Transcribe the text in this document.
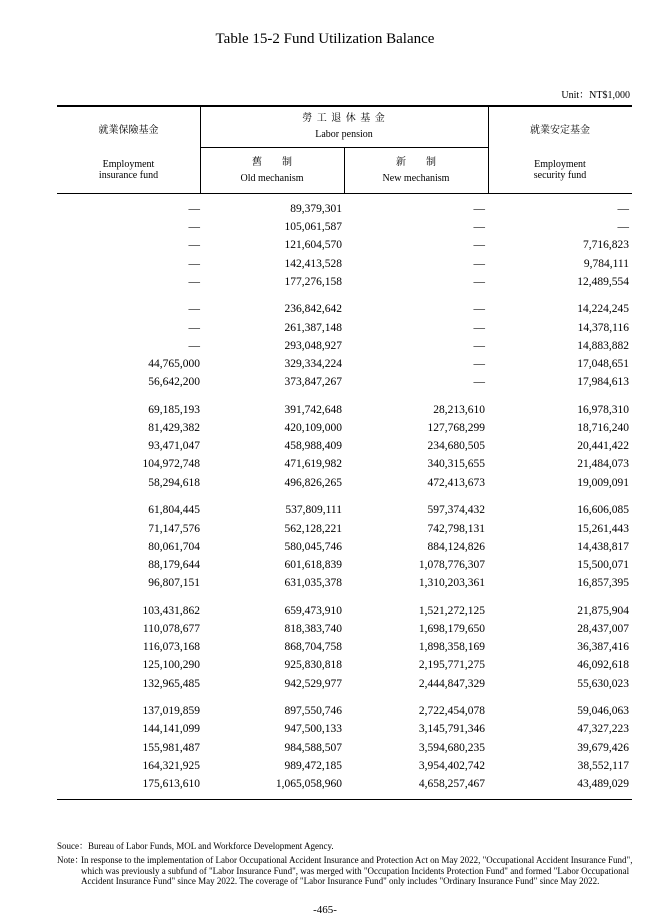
Table 15-2 Fund Utilization Balance
Unit：NT$1,000
就業保險基金
Employment
insurance fund
勞 工 退 休 基 金
Labor pension
舊　　制
Old mechanism
新　　制
New mechanism
就業安定基金
Employment
security fund
—	89,379,301	—	—
—	105,061,587	—	—
—	121,604,570	—	7,716,823
—	142,413,528	—	9,784,111
—	177,276,158	—	12,489,554
—	236,842,642	—	14,224,245
—	261,387,148	—	14,378,116
—	293,048,927	—	14,883,882
44,765,000	329,334,224	—	17,048,651
56,642,200	373,847,267	—	17,984,613
69,185,193	391,742,648	28,213,610	16,978,310
81,429,382	420,109,000	127,768,299	18,716,240
93,471,047	458,988,409	234,680,505	20,441,422
104,972,748	471,619,982	340,315,655	21,484,073
58,294,618	496,826,265	472,413,673	19,009,091
61,804,445	537,809,111	597,374,432	16,606,085
71,147,576	562,128,221	742,798,131	15,261,443
80,061,704	580,045,746	884,124,826	14,438,817
88,179,644	601,618,839	1,078,776,307	15,500,071
96,807,151	631,035,378	1,310,203,361	16,857,395
103,431,862	659,473,910	1,521,272,125	21,875,904
110,078,677	818,383,740	1,698,179,650	28,437,007
116,073,168	868,704,758	1,898,358,169	36,387,416
125,100,290	925,830,818	2,195,771,275	46,092,618
132,965,485	942,529,977	2,444,847,329	55,630,023
137,019,859	897,550,746	2,722,454,078	59,046,063
144,141,099	947,500,133	3,145,791,346	47,327,223
155,981,487	984,588,507	3,594,680,235	39,679,426
164,321,925	989,472,185	3,954,402,742	38,552,117
175,613,610	1,065,058,960	4,658,257,467	43,489,029
Souce：Bureau of Labor Funds, MOL and Workforce Development Agency.
Note：
In response to the implementation of Labor Occupational Accident Insurance and Protection Act on May 2022, "Occupational Accident Insurance Fund", which was previously a subfund of "Labor Insurance Fund", was merged with "Occupation Incidents Protection Fund" and formed "Labor Occupational Accident Insurance Fund" since May 2022. The coverage of "Labor Insurance Fund" only includes "Ordinary Insurance Fund" since May 2022.
-465-
